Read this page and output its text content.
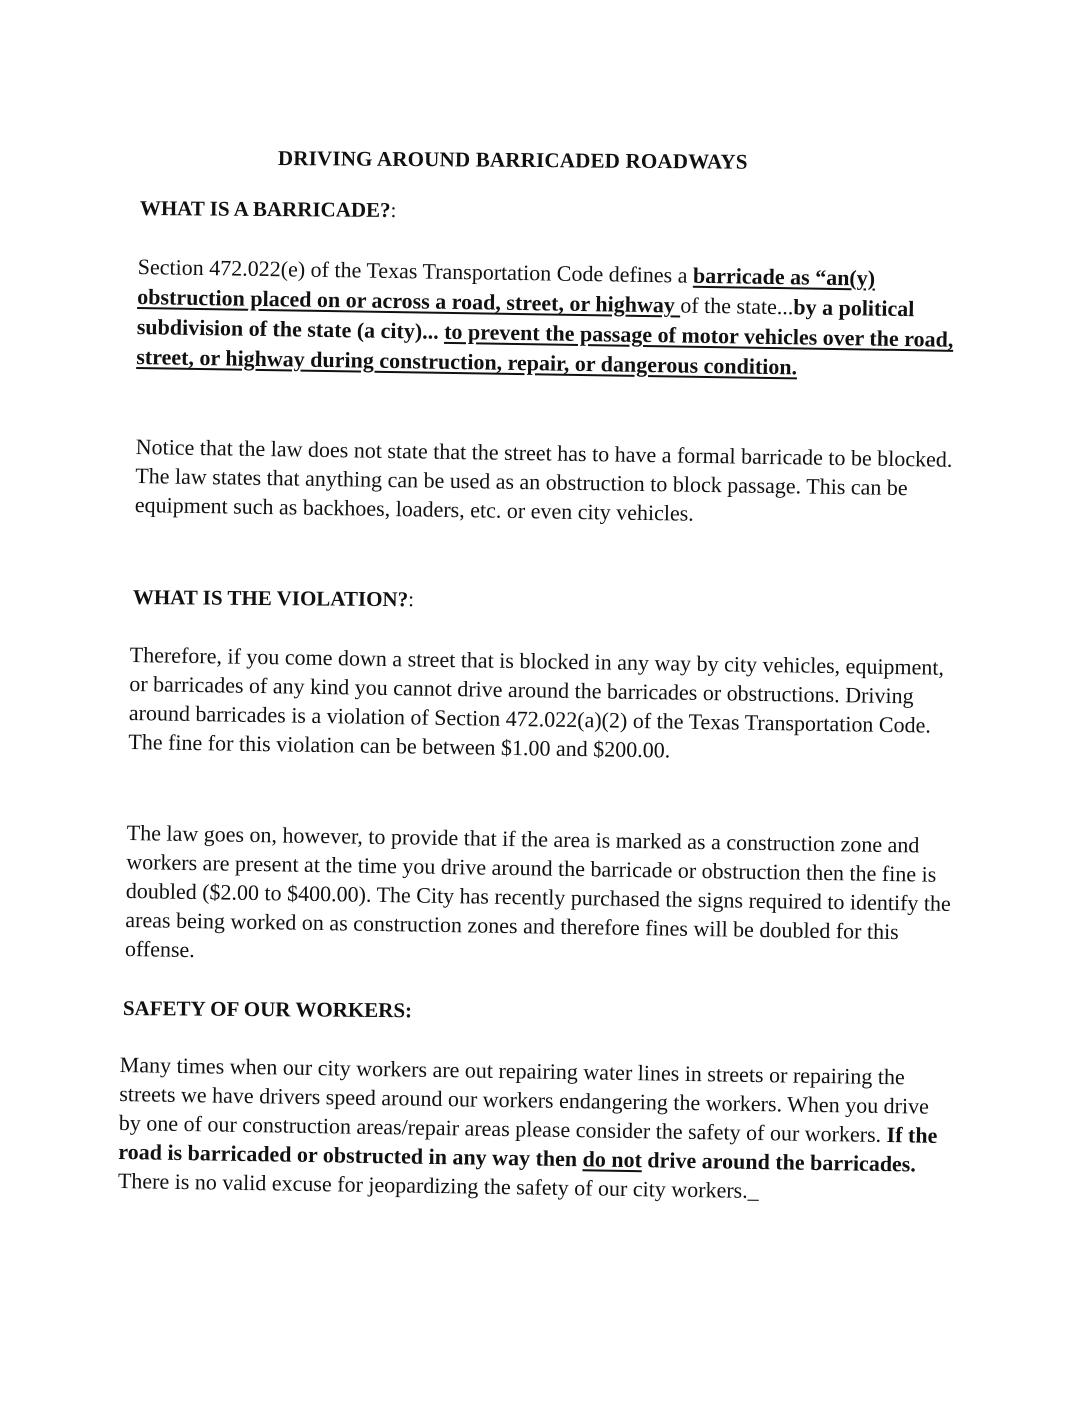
DRIVING AROUND BARRICADED ROADWAYS
WHAT IS A BARRICADE?:

Section 472.022(e) of the Texas Transportation Code defines a barricade as “an(y) obstruction placed on or across a road, street, or highway of the state...by a political subdivision of the state (a city)... to prevent the passage of motor vehicles over the road, street, or highway during construction, repair, or dangerous condition.

Notice that the law does not state that the street has to have a formal barricade to be blocked. The law states that anything can be used as an obstruction to block passage. This can be equipment such as backhoes, loaders, etc. or even city vehicles.

WHAT IS THE VIOLATION?:

Therefore, if you come down a street that is blocked in any way by city vehicles, equipment, or barricades of any kind you cannot drive around the barricades or obstructions. Driving around barricades is a violation of Section 472.022(a)(2) of the Texas Transportation Code. The fine for this violation can be between $1.00 and $200.00.

The law goes on, however, to provide that if the area is marked as a construction zone and workers are present at the time you drive around the barricade or obstruction then the fine is doubled ($2.00 to $400.00). The City has recently purchased the signs required to identify the areas being worked on as construction zones and therefore fines will be doubled for this offense.

SAFETY OF OUR WORKERS:

Many times when our city workers are out repairing water lines in streets or repairing the streets we have drivers speed around our workers endangering the workers. When you drive by one of our construction areas/repair areas please consider the safety of our workers. If the road is barricaded or obstructed in any way then do not drive around the barricades. There is no valid excuse for jeopardizing the safety of our city workers._
